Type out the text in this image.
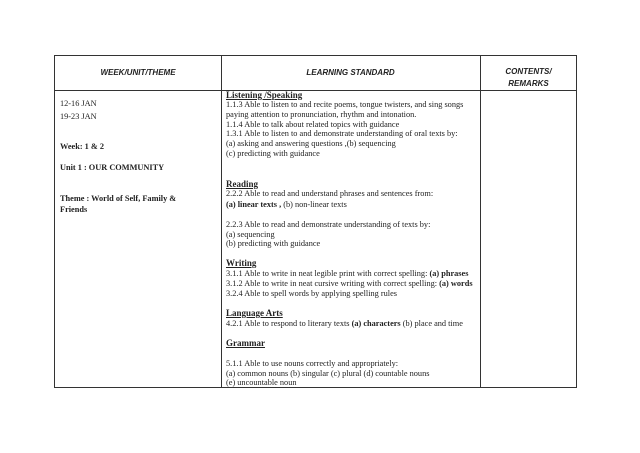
WEEK/UNIT/THEME	LEARNING STANDARD	CONTENTS/
REMARKS
12-16 JAN
19-23 JAN
Week: 1 & 2
Unit 1 : OUR COMMUNITY
Theme : World of Self, Family &
Friends
Listening /Speaking
1.1.3 Able to listen to and recite poems, tongue twisters, and sing songs
paying attention to pronunciation, rhythm and intonation.
1.1.4 Able to talk about related topics with guidance
1.3.1 Able to listen to and demonstrate understanding of oral texts by:
(a) asking and answering questions ,(b) sequencing
(c) predicting with guidance
Reading
2.2.2 Able to read and understand phrases and sentences from:
(a) linear texts , (b) non-linear texts
2.2.3 Able to read and demonstrate understanding of texts by:
(a) sequencing
(b) predicting with guidance
Writing
3.1.1 Able to write in neat legible print with correct spelling: (a) phrases
3.1.2 Able to write in neat cursive writing with correct spelling: (a) words
3.2.4 Able to spell words by applying spelling rules
Language Arts
4.2.1 Able to respond to literary texts (a) characters (b) place and time
Grammar
5.1.1 Able to use nouns correctly and appropriately:
(a) common nouns (b) singular (c) plural (d) countable nouns
(e) uncountable noun
